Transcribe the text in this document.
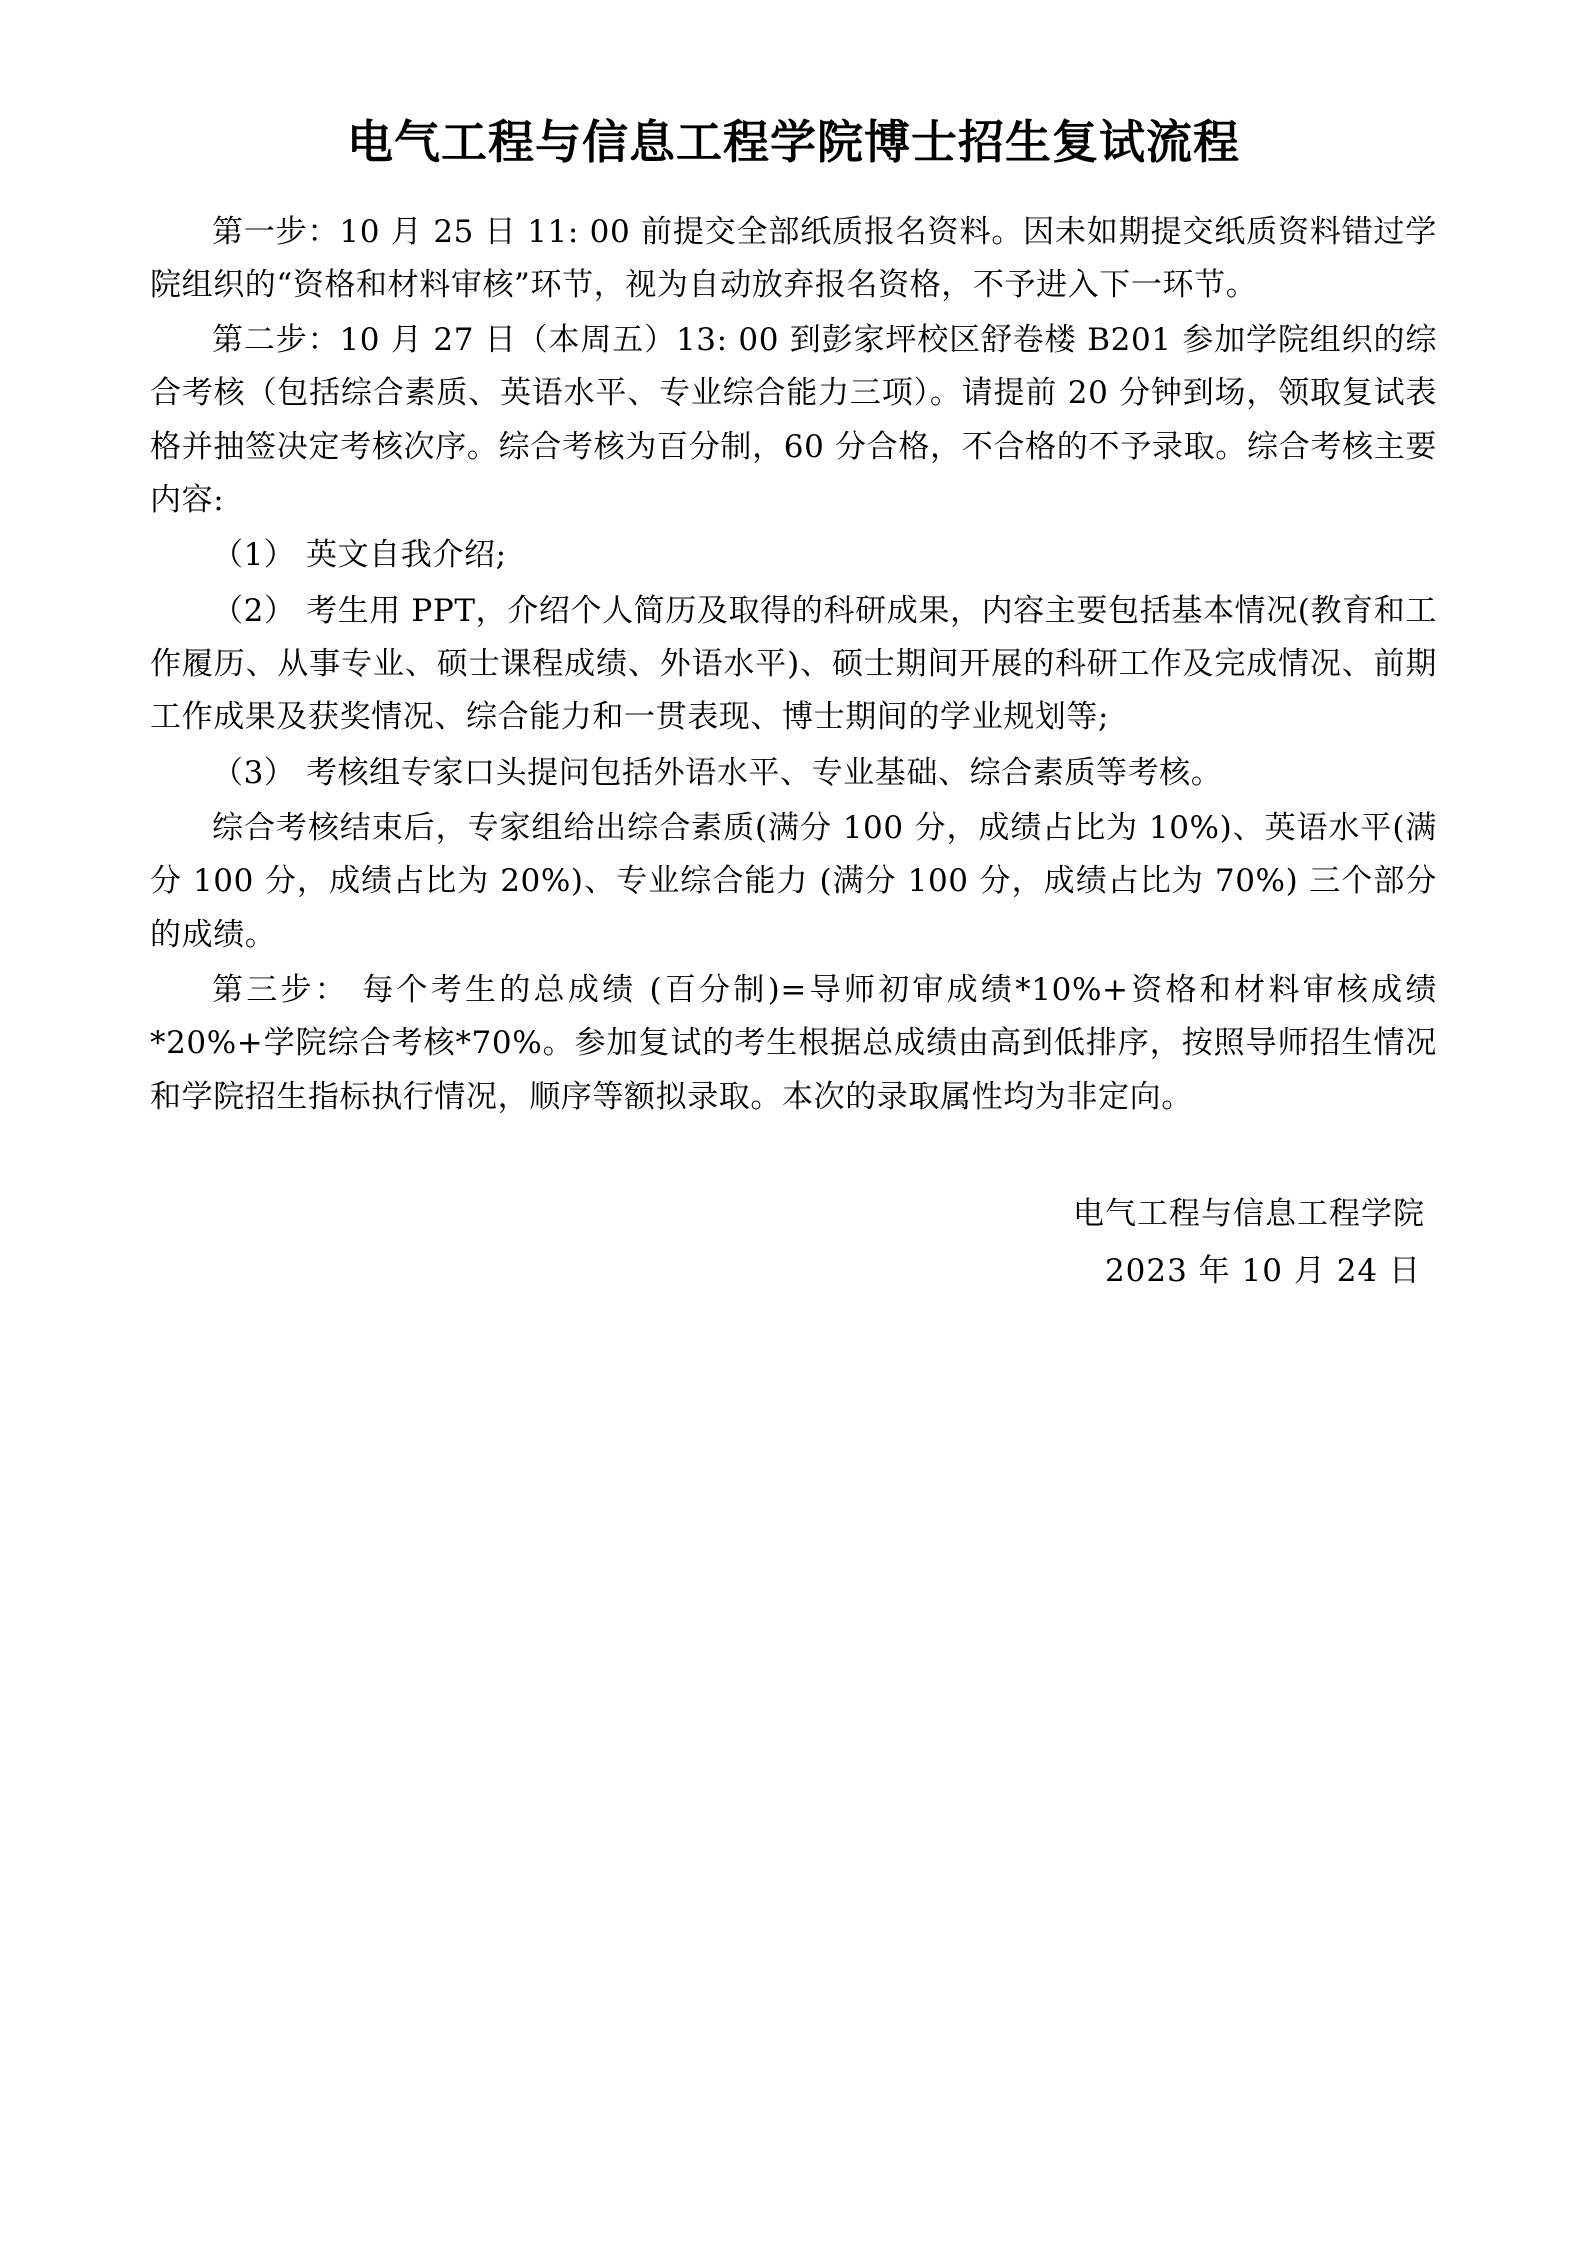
电气工程与信息工程学院博士招生复试流程

第一步：10 月 25 日 11: 00 前提交全部纸质报名资料。因未如期提交纸质资料错过学院组织的“资格和材料审核”环节，视为自动放弃报名资格，不予进入下一环节。

第二步：10 月 27 日（本周五）13: 00 到彭家坪校区舒卷楼 B201 参加学院组织的综合考核（包括综合素质、英语水平、专业综合能力三项）。请提前 20 分钟到场，领取复试表格并抽签决定考核次序。综合考核为百分制，60 分合格，不合格的不予录取。综合考核主要内容:

（1） 英文自我介绍;

（2） 考生用 PPT，介绍个人简历及取得的科研成果，内容主要包括基本情况(教育和工作履历、从事专业、硕士课程成绩、外语水平)、硕士期间开展的科研工作及完成情况、前期工作成果及获奖情况、综合能力和一贯表现、博士期间的学业规划等;

（3） 考核组专家口头提问包括外语水平、专业基础、综合素质等考核。

综合考核结束后，专家组给出综合素质(满分 100 分，成绩占比为 10%)、英语水平(满分 100 分，成绩占比为 20%)、专业综合能力 (满分 100 分，成绩占比为 70%) 三个部分的成绩。

第三步： 每个考生的总成绩 (百分制)=导师初审成绩*10%+资格和材料审核成绩*20%+学院综合考核*70%。参加复试的考生根据总成绩由高到低排序，按照导师招生情况和学院招生指标执行情况，顺序等额拟录取。本次的录取属性均为非定向。

电气工程与信息工程学院
2023 年 10 月 24 日
